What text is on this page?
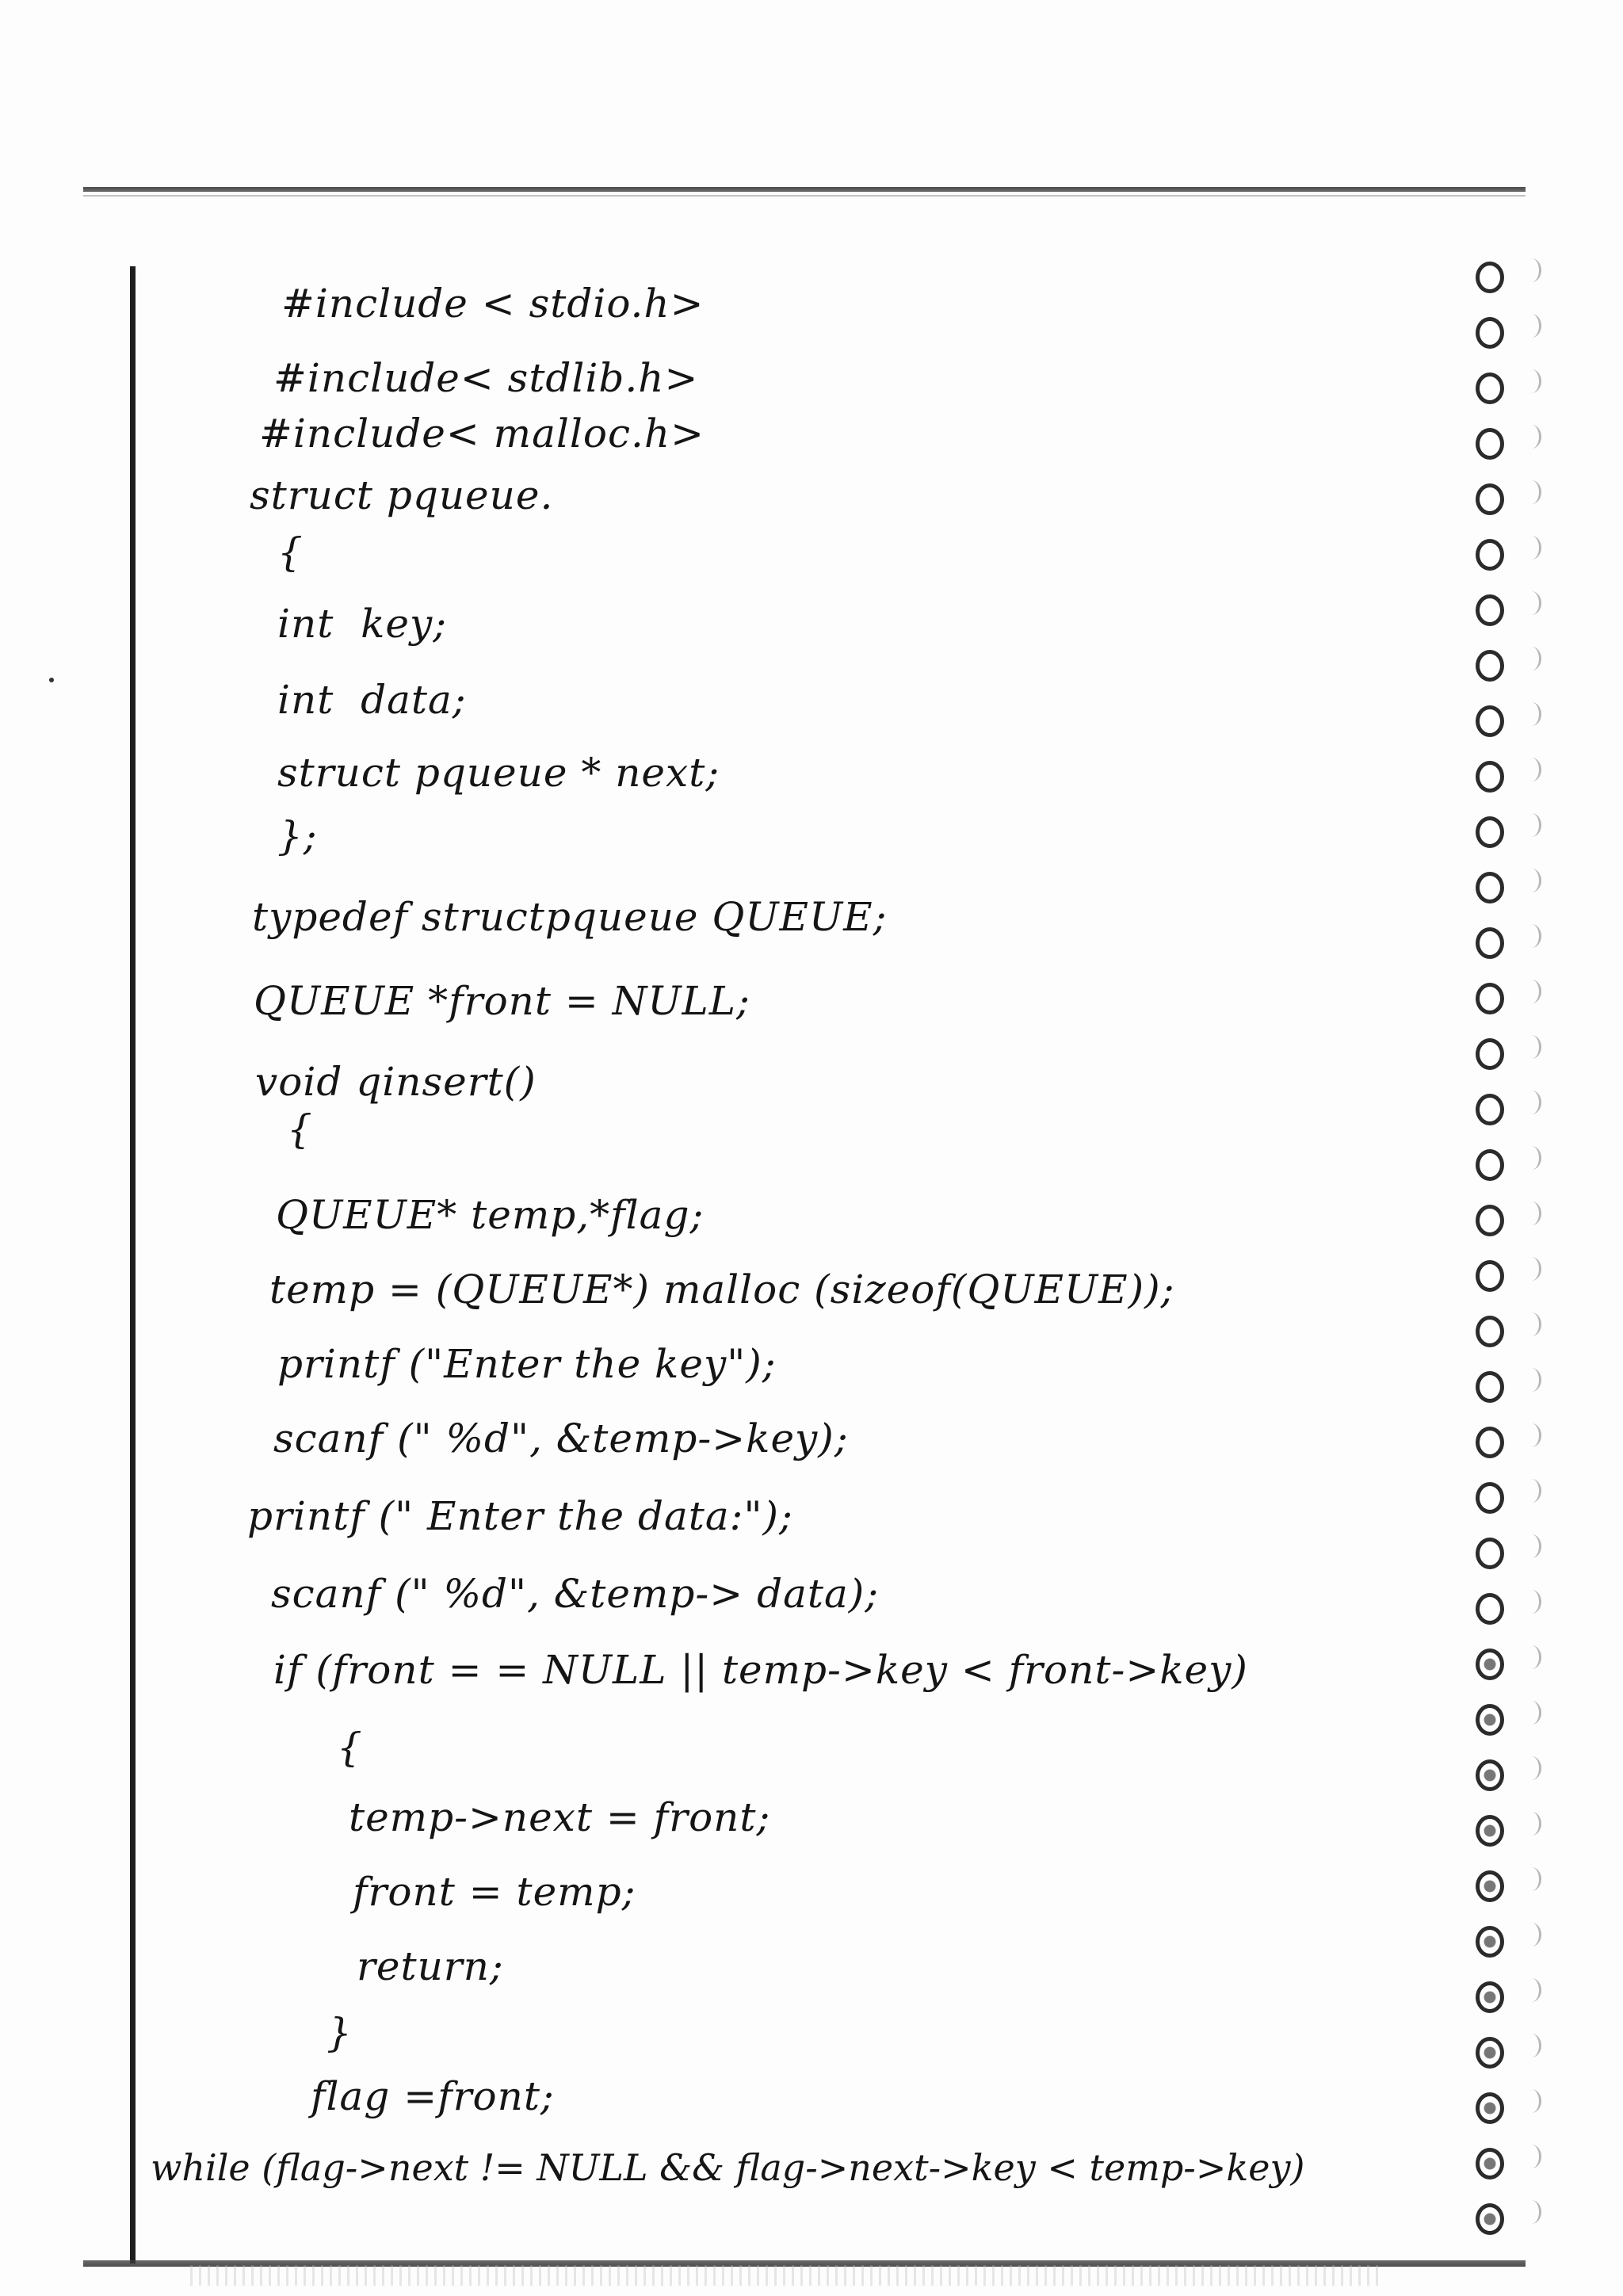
#include < stdio.h>
#include< stdlib.h>
#include< malloc.h>
struct pqueue.
{
int  key;
int  data;
struct pqueue * next;
};
typedef structpqueue QUEUE;
QUEUE *front = NULL;
void qinsert()
{
QUEUE* temp,*flag;
temp = (QUEUE*) malloc (sizeof(QUEUE));
printf ("Enter the key");
scanf (" %d", &temp->key);
printf (" Enter the data:");
scanf (" %d", &temp-> data);
if (front = = NULL || temp->key < front->key)
{
temp->next = front;
front = temp;
return;
}
flag =front;
while (flag->next != NULL && flag->next->key < temp->key)
